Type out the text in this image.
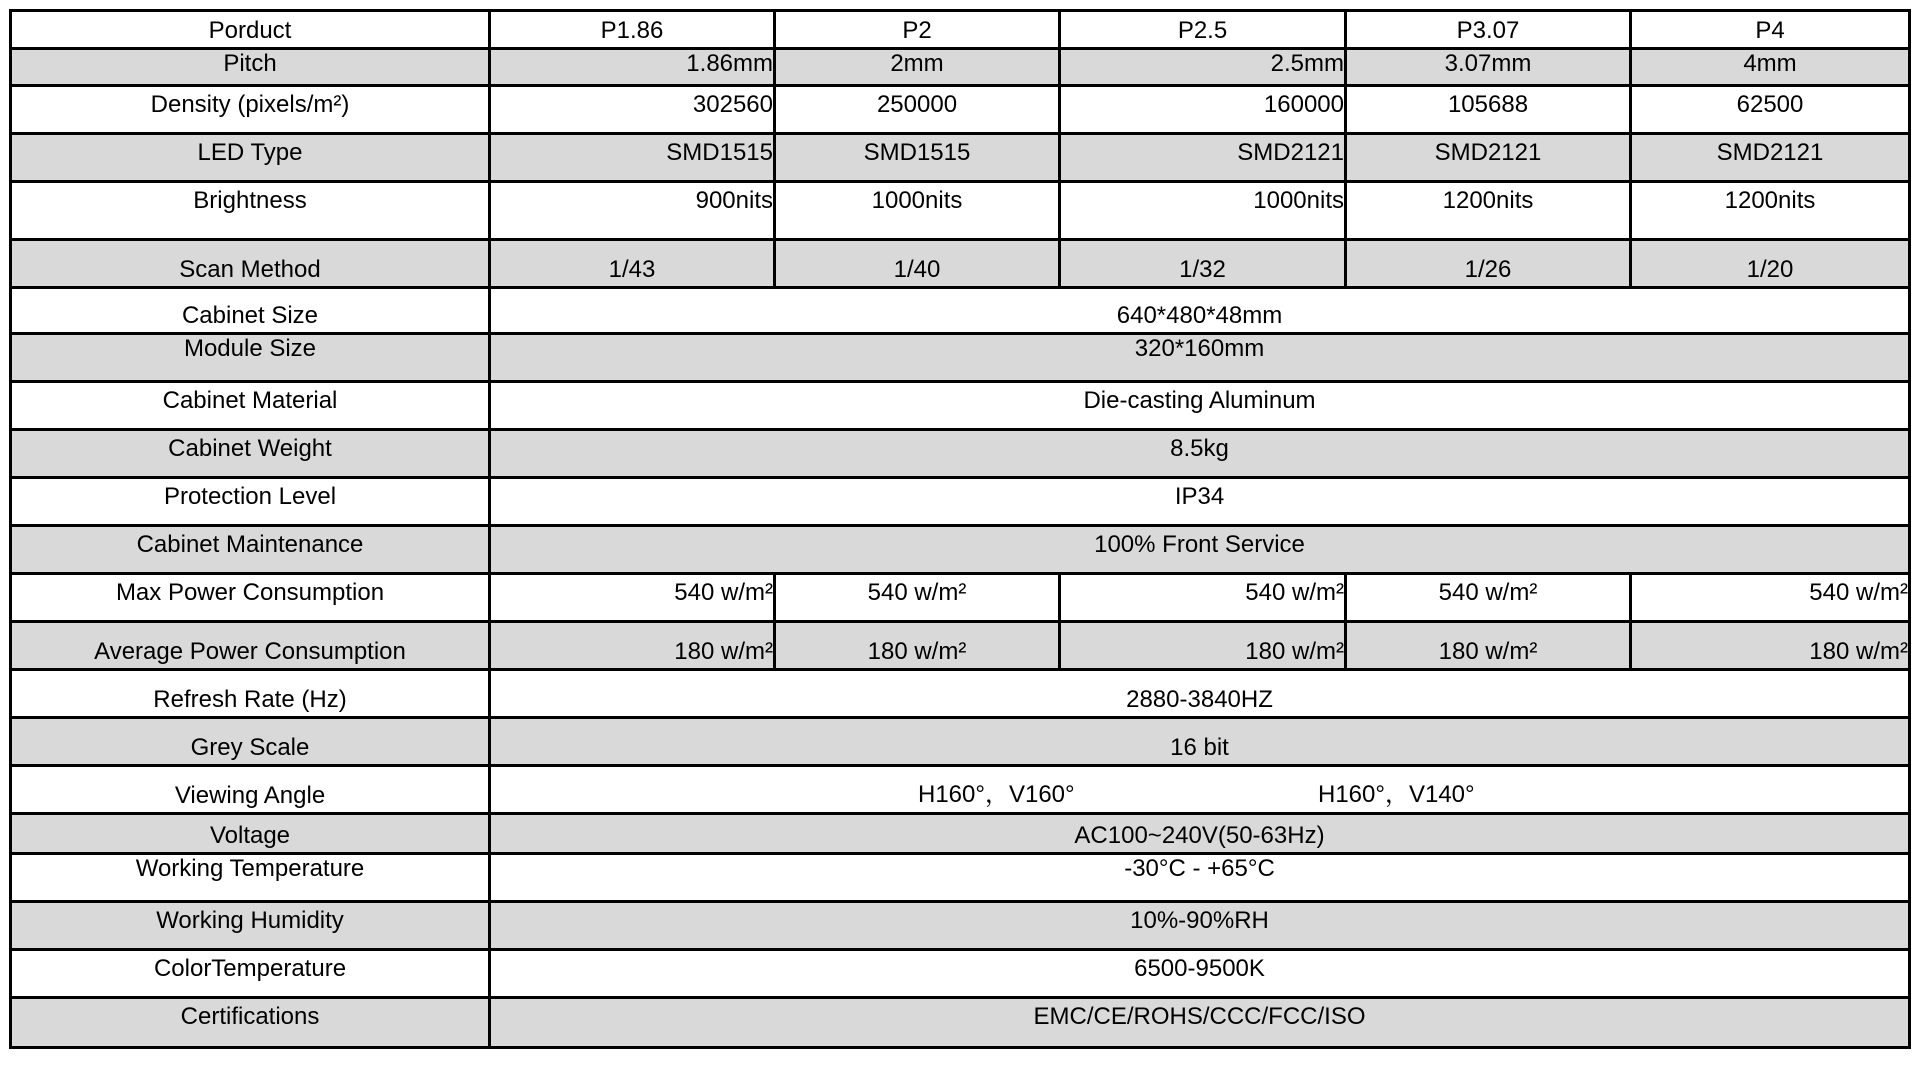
Porduct	P1.86	P2	P2.5	P3.07	P4
Pitch	1.86mm	2mm	2.5mm	3.07mm	4mm
Density (pixels/m²)	302560	250000	160000	105688	62500
LED Type	SMD1515	SMD1515	SMD2121	SMD2121	SMD2121
Brightness	900nits	1000nits	1000nits	1200nits	1200nits
Scan Method	1/43	1/40	1/32	1/26	1/20
Cabinet Size	640*480*48mm
Module Size	320*160mm
Cabinet Material	Die-casting Aluminum
Cabinet Weight	8.5kg
Protection Level	IP34
Cabinet Maintenance	100% Front Service
Max Power Consumption	540 w/m²	540 w/m²	540 w/m²	540 w/m²	540 w/m²
Average Power Consumption	180 w/m²	180 w/m²	180 w/m²	180 w/m²	180 w/m²
Refresh Rate (Hz)	2880-3840HZ
Grey Scale	16 bit
Viewing Angle	H160°，V160°	H160°，V140°
Voltage	AC100~240V(50-63Hz)
Working Temperature	-30°C - +65°C
Working Humidity	10%-90%RH
ColorTemperature	6500-9500K
Certifications	EMC/CE/ROHS/CCC/FCC/ISO
